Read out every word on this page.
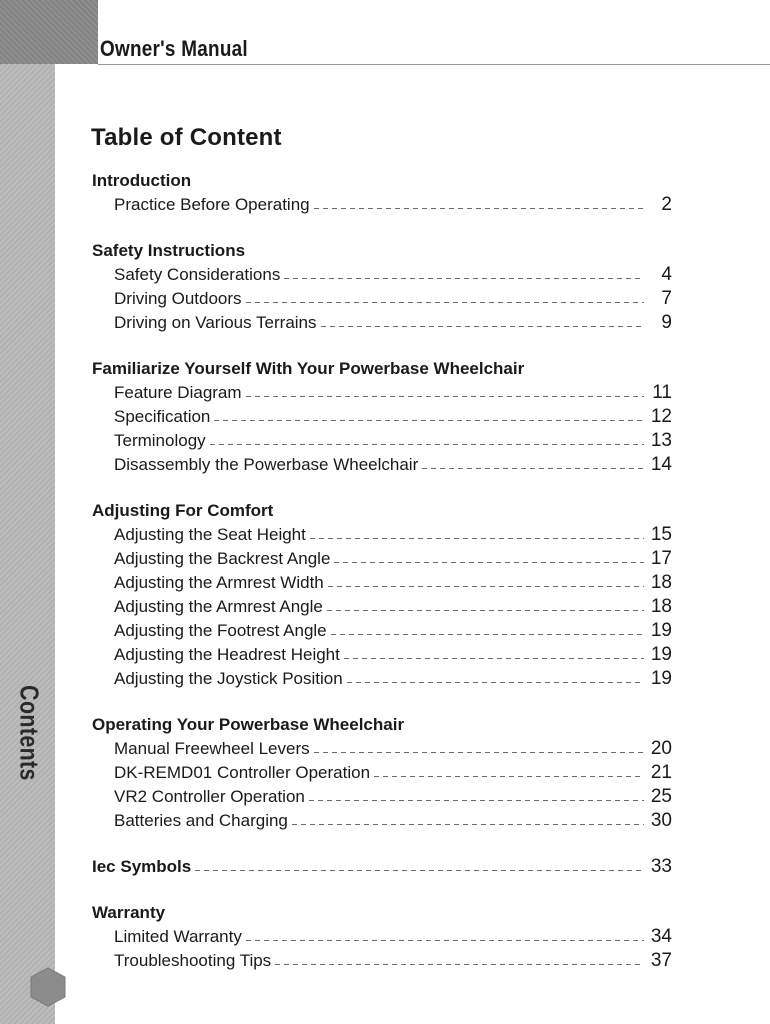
Owner's Manual
Contents
Table of Content
Introduction
Practice Before Operating	2
Safety Instructions
Safety Considerations	4
Driving Outdoors	7
Driving on Various Terrains	9
Familiarize Yourself With Your Powerbase Wheelchair
Feature Diagram	11
Specification	12
Terminology	13
Disassembly the Powerbase Wheelchair	14
Adjusting For Comfort
Adjusting the Seat Height	15
Adjusting the Backrest Angle	17
Adjusting the Armrest Width	18
Adjusting the Armrest Angle	18
Adjusting the Footrest Angle	19
Adjusting the Headrest Height	19
Adjusting the Joystick Position	19
Operating Your Powerbase Wheelchair
Manual Freewheel Levers	20
DK-REMD01 Controller Operation	21
VR2 Controller Operation	25
Batteries and Charging	30
Iec Symbols	33
Warranty
Limited Warranty	34
Troubleshooting Tips	37
